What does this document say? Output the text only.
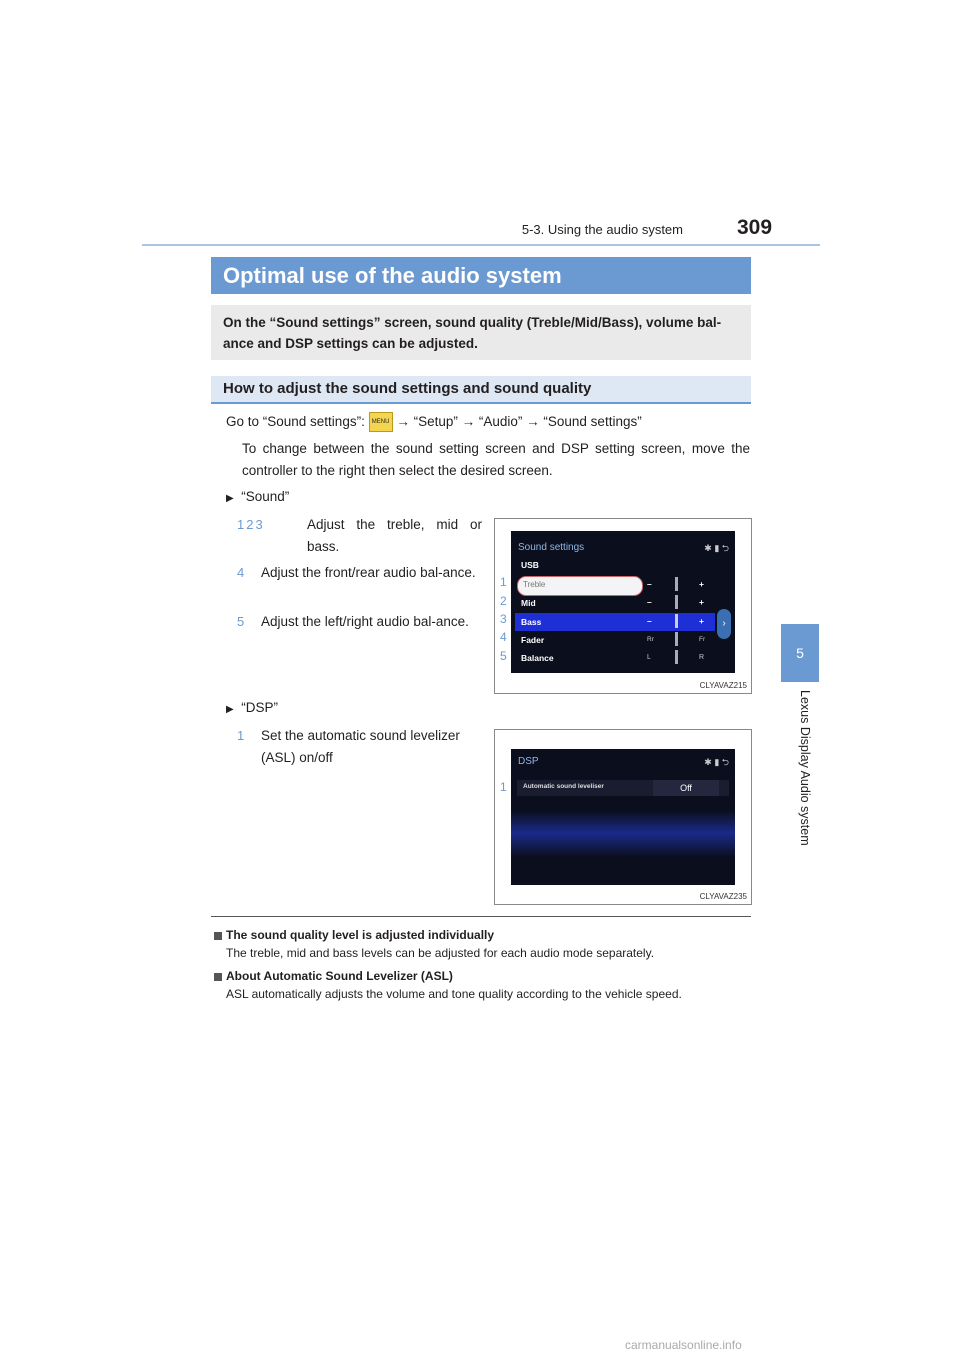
5-3. Using the audio system	309
5
Lexus Display Audio system
Optimal use of the audio system
On the “Sound settings” screen, sound quality (Treble/Mid/Bass), volume bal-ance and DSP settings can be adjusted.
How to adjust the sound settings and sound quality
Go to “Sound settings”: MENU → “Setup” → “Audio” → “Sound settings”
To change between the sound setting screen and DSP setting screen, move the controller to the right then select the desired screen.
▶ “Sound”
123	Adjust the treble, mid or bass.
4	Adjust the front/rear audio bal-ance.
5	Adjust the left/right audio bal-ance.
Sound settings	✱ ▮ ⮌
USB
Treble
Mid
Bass
Fader
Balance
–	+
–	+
–	+
Rr	Fr
L	R
›
1
2
3
4
5
CLYAVAZ215
▶ “DSP”
1	Set the automatic sound levelizer (ASL) on/off	DSP	✱ ▮ ⮌
Automatic sound leveliser	Off
1
CLYAVAZ235
The sound quality level is adjusted individually
The treble, mid and bass levels can be adjusted for each audio mode separately.
About Automatic Sound Levelizer (ASL)
ASL automatically adjusts the volume and tone quality according to the vehicle speed.
carmanualsonline.info
